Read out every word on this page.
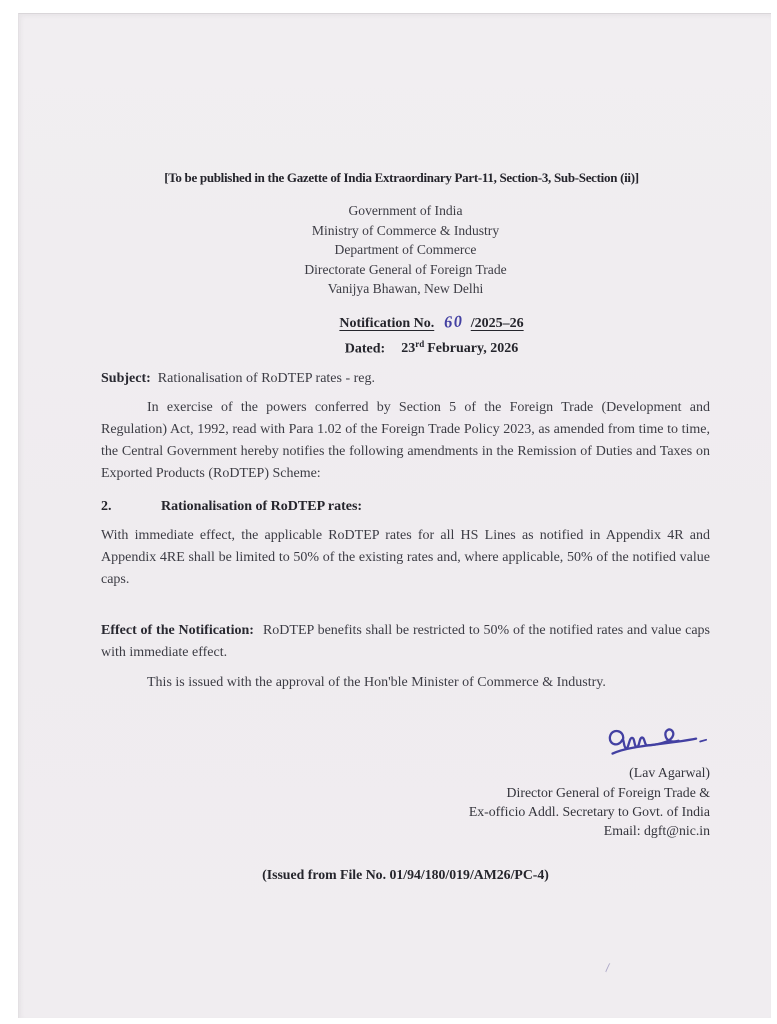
[To be published in the Gazette of India Extraordinary Part-11, Section-3, Sub-Section (ii)]
Government of India
Ministry of Commerce & Industry
Department of Commerce
Directorate General of Foreign Trade
Vanijya Bhawan, New Delhi
Notification No. 60 /2025–26
Dated: 23rd February, 2026
Subject: Rationalisation of RoDTEP rates - reg.

In exercise of the powers conferred by Section 5 of the Foreign Trade (Development and Regulation) Act, 1992, read with Para 1.02 of the Foreign Trade Policy 2023, as amended from time to time, the Central Government hereby notifies the following amendments in the Remission of Duties and Taxes on Exported Products (RoDTEP) Scheme:

2.	Rationalisation of RoDTEP rates:

With immediate effect, the applicable RoDTEP rates for all HS Lines as notified in Appendix 4R and Appendix 4RE shall be limited to 50% of the existing rates and, where applicable, 50% of the notified value caps.

Effect of the Notification: RoDTEP benefits shall be restricted to 50% of the notified rates and value caps with immediate effect.

This is issued with the approval of the Hon'ble Minister of Commerce & Industry.

(Lav Agarwal)
Director General of Foreign Trade &
Ex-officio Addl. Secretary to Govt. of India
Email: dgft@nic.in
(Issued from File No. 01/94/180/019/AM26/PC-4)
